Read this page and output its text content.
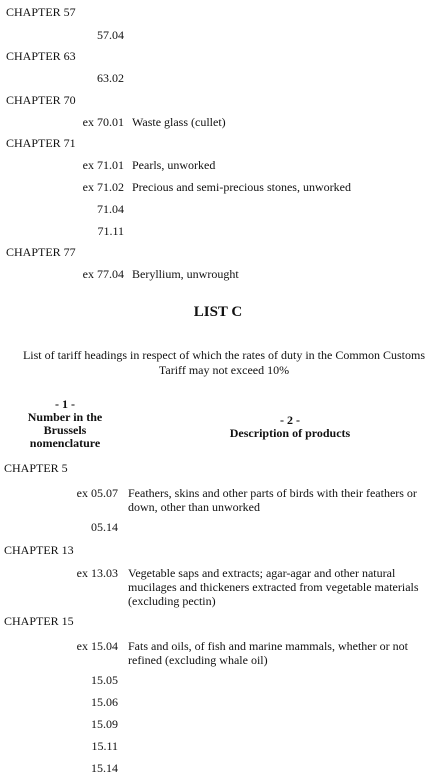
CHAPTER 57
57.04
CHAPTER 63
63.02
CHAPTER 70
ex 70.01 Waste glass (cullet)
CHAPTER 71
ex 71.01 Pearls, unworked
ex 71.02 Precious and semi-precious stones, unworked
71.04
71.11
CHAPTER 77
ex 77.04 Beryllium, unwrought
LIST C
List of tariff headings in respect of which the rates of duty in the Common Customs Tariff may not exceed 10%
- 1 -
Number in the
Brussels
nomenclature
- 2 -
Description of products
CHAPTER 5
ex 05.07 Feathers, skins and other parts of birds with their feathers or down, other than unworked
05.14
CHAPTER 13
ex 13.03 Vegetable saps and extracts; agar-agar and other natural mucilages and thickeners extracted from vegetable materials (excluding pectin)
CHAPTER 15
ex 15.04 Fats and oils, of fish and marine mammals, whether or not refined (excluding whale oil)
15.05
15.06
15.09
15.11
15.14
